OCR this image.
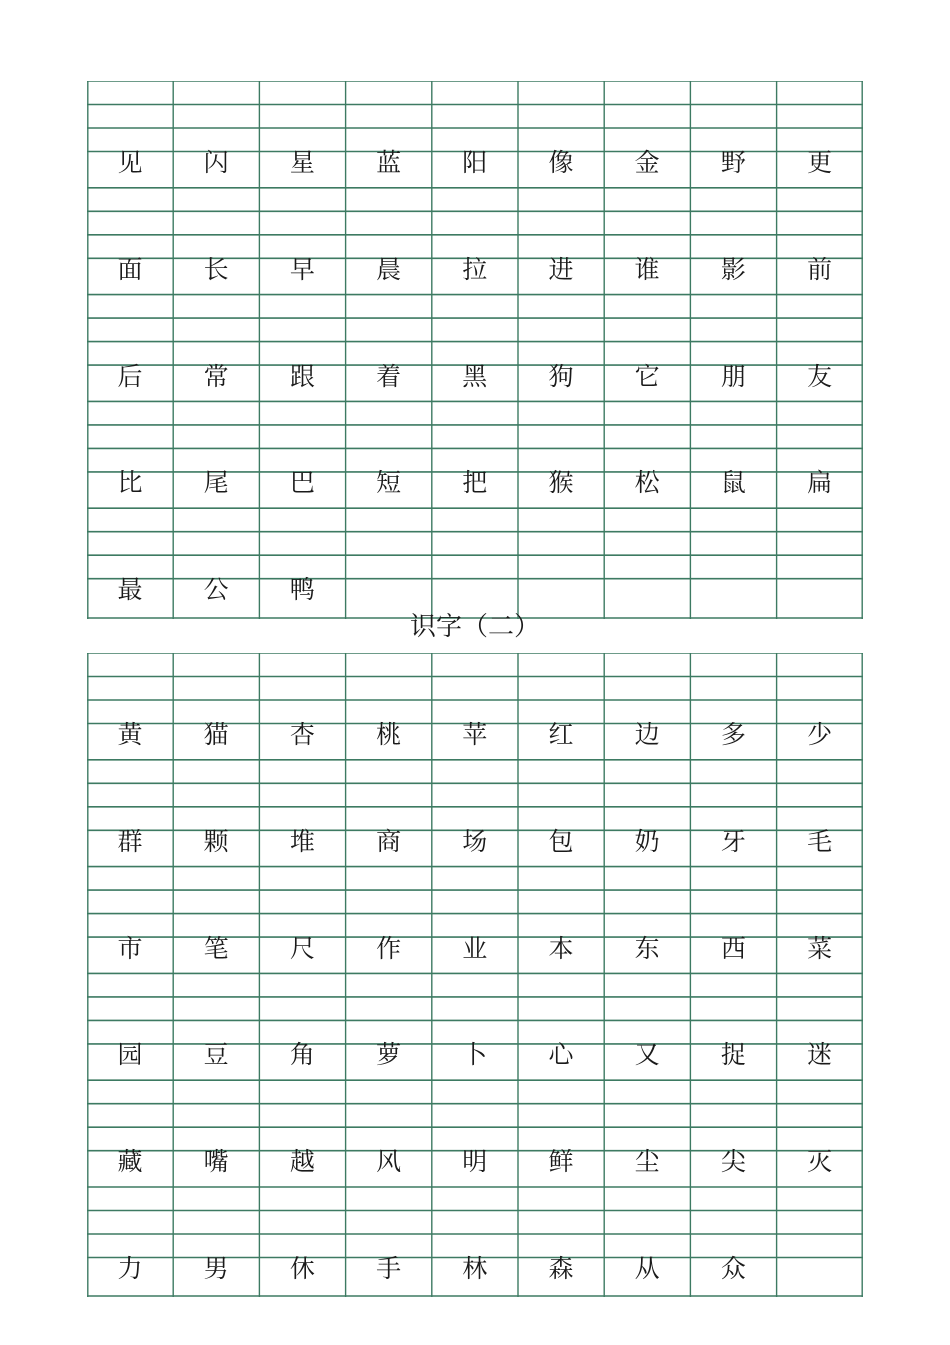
见	闪	星	蓝	阳	像	金	野	更
面	长	早	晨	拉	进	谁	影	前
后	常	跟	着	黑	狗	它	朋	友
比	尾	巴	短	把	猴	松	鼠	扁
最	公	鸭
识字（二）
黄	猫	杏	桃	苹	红	边	多	少
群	颗	堆	商	场	包	奶	牙	毛
市	笔	尺	作	业	本	东	西	菜
园	豆	角	萝	卜	心	又	捉	迷
藏	嘴	越	风	明	鲜	尘	尖	灭
力	男	休	手	林	森	从	众
